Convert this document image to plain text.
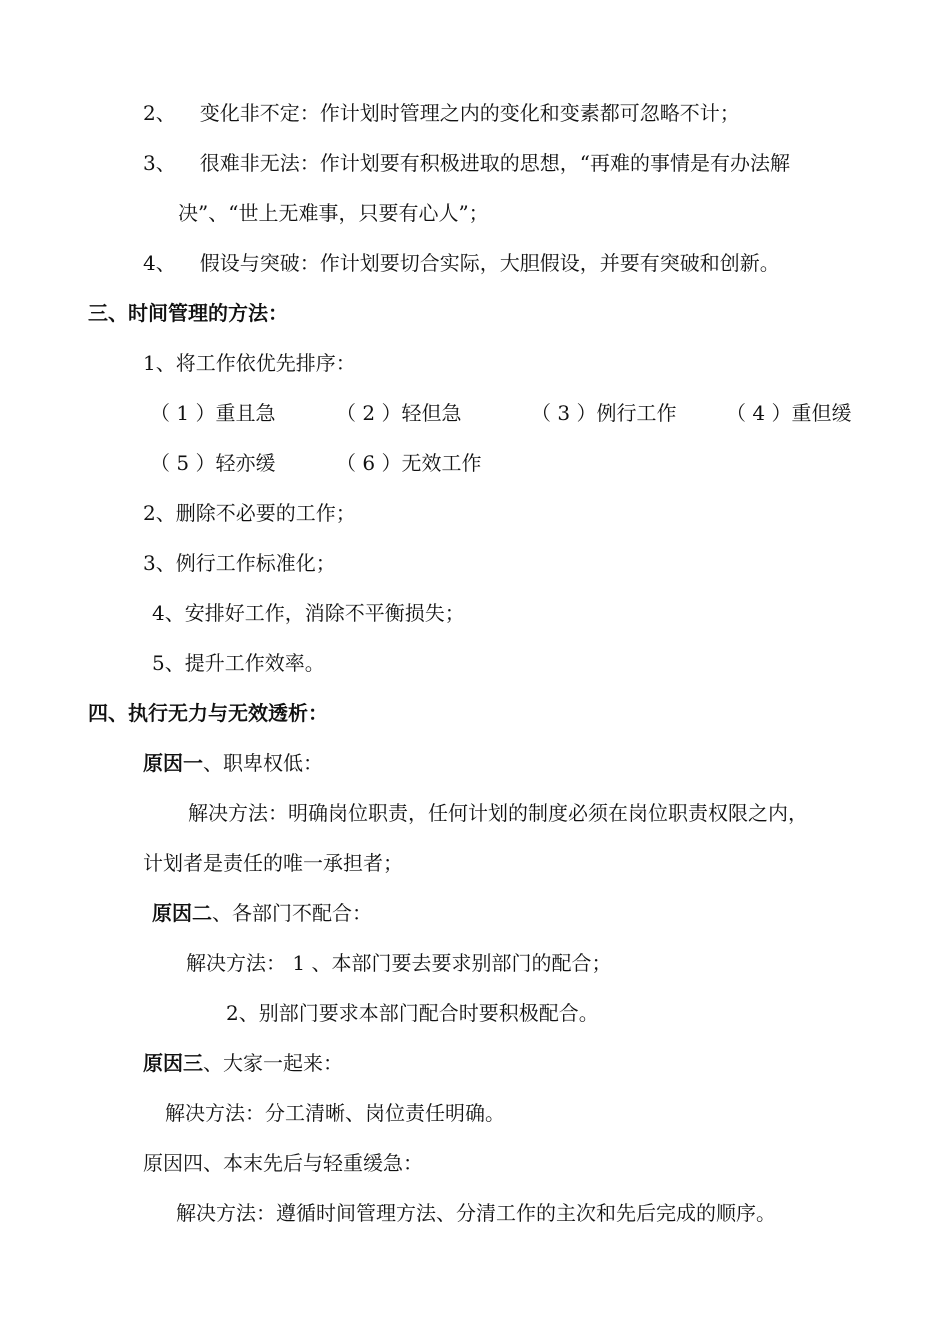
2、 变化非不定：作计划时管理之内的变化和变素都可忽略不计；
3、 很难非无法：作计划要有积极进取的思想，“再难的事情是有办法解
决”、“世上无难事，只要有心人”；
4、 假设与突破：作计划要切合实际，大胆假设，并要有突破和创新。
三、时间管理的方法：
1、将工作依优先排序：
（ 1 ）重且急	（ 2 ）轻但急	（ 3 ）例行工作 （ 4 ）重但缓
（ 5 ）轻亦缓	（ 6 ）无效工作
2、删除不必要的工作；
3、例行工作标准化；
4、安排好工作，消除不平衡损失；
5、提升工作效率。
四、执行无力与无效透析：
原因一、职卑权低：
解决方法：明确岗位职责，任何计划的制度必须在岗位职责权限之内，
计划者是责任的唯一承担者；
原因二、各部门不配合：
解决方法： 1 、本部门要去要求别部门的配合；
2、别部门要求本部门配合时要积极配合。
原因三、大家一起来：
解决方法：分工清晰、岗位责任明确。
原因四、本末先后与轻重缓急：
解决方法：遵循时间管理方法、分清工作的主次和先后完成的顺序。
